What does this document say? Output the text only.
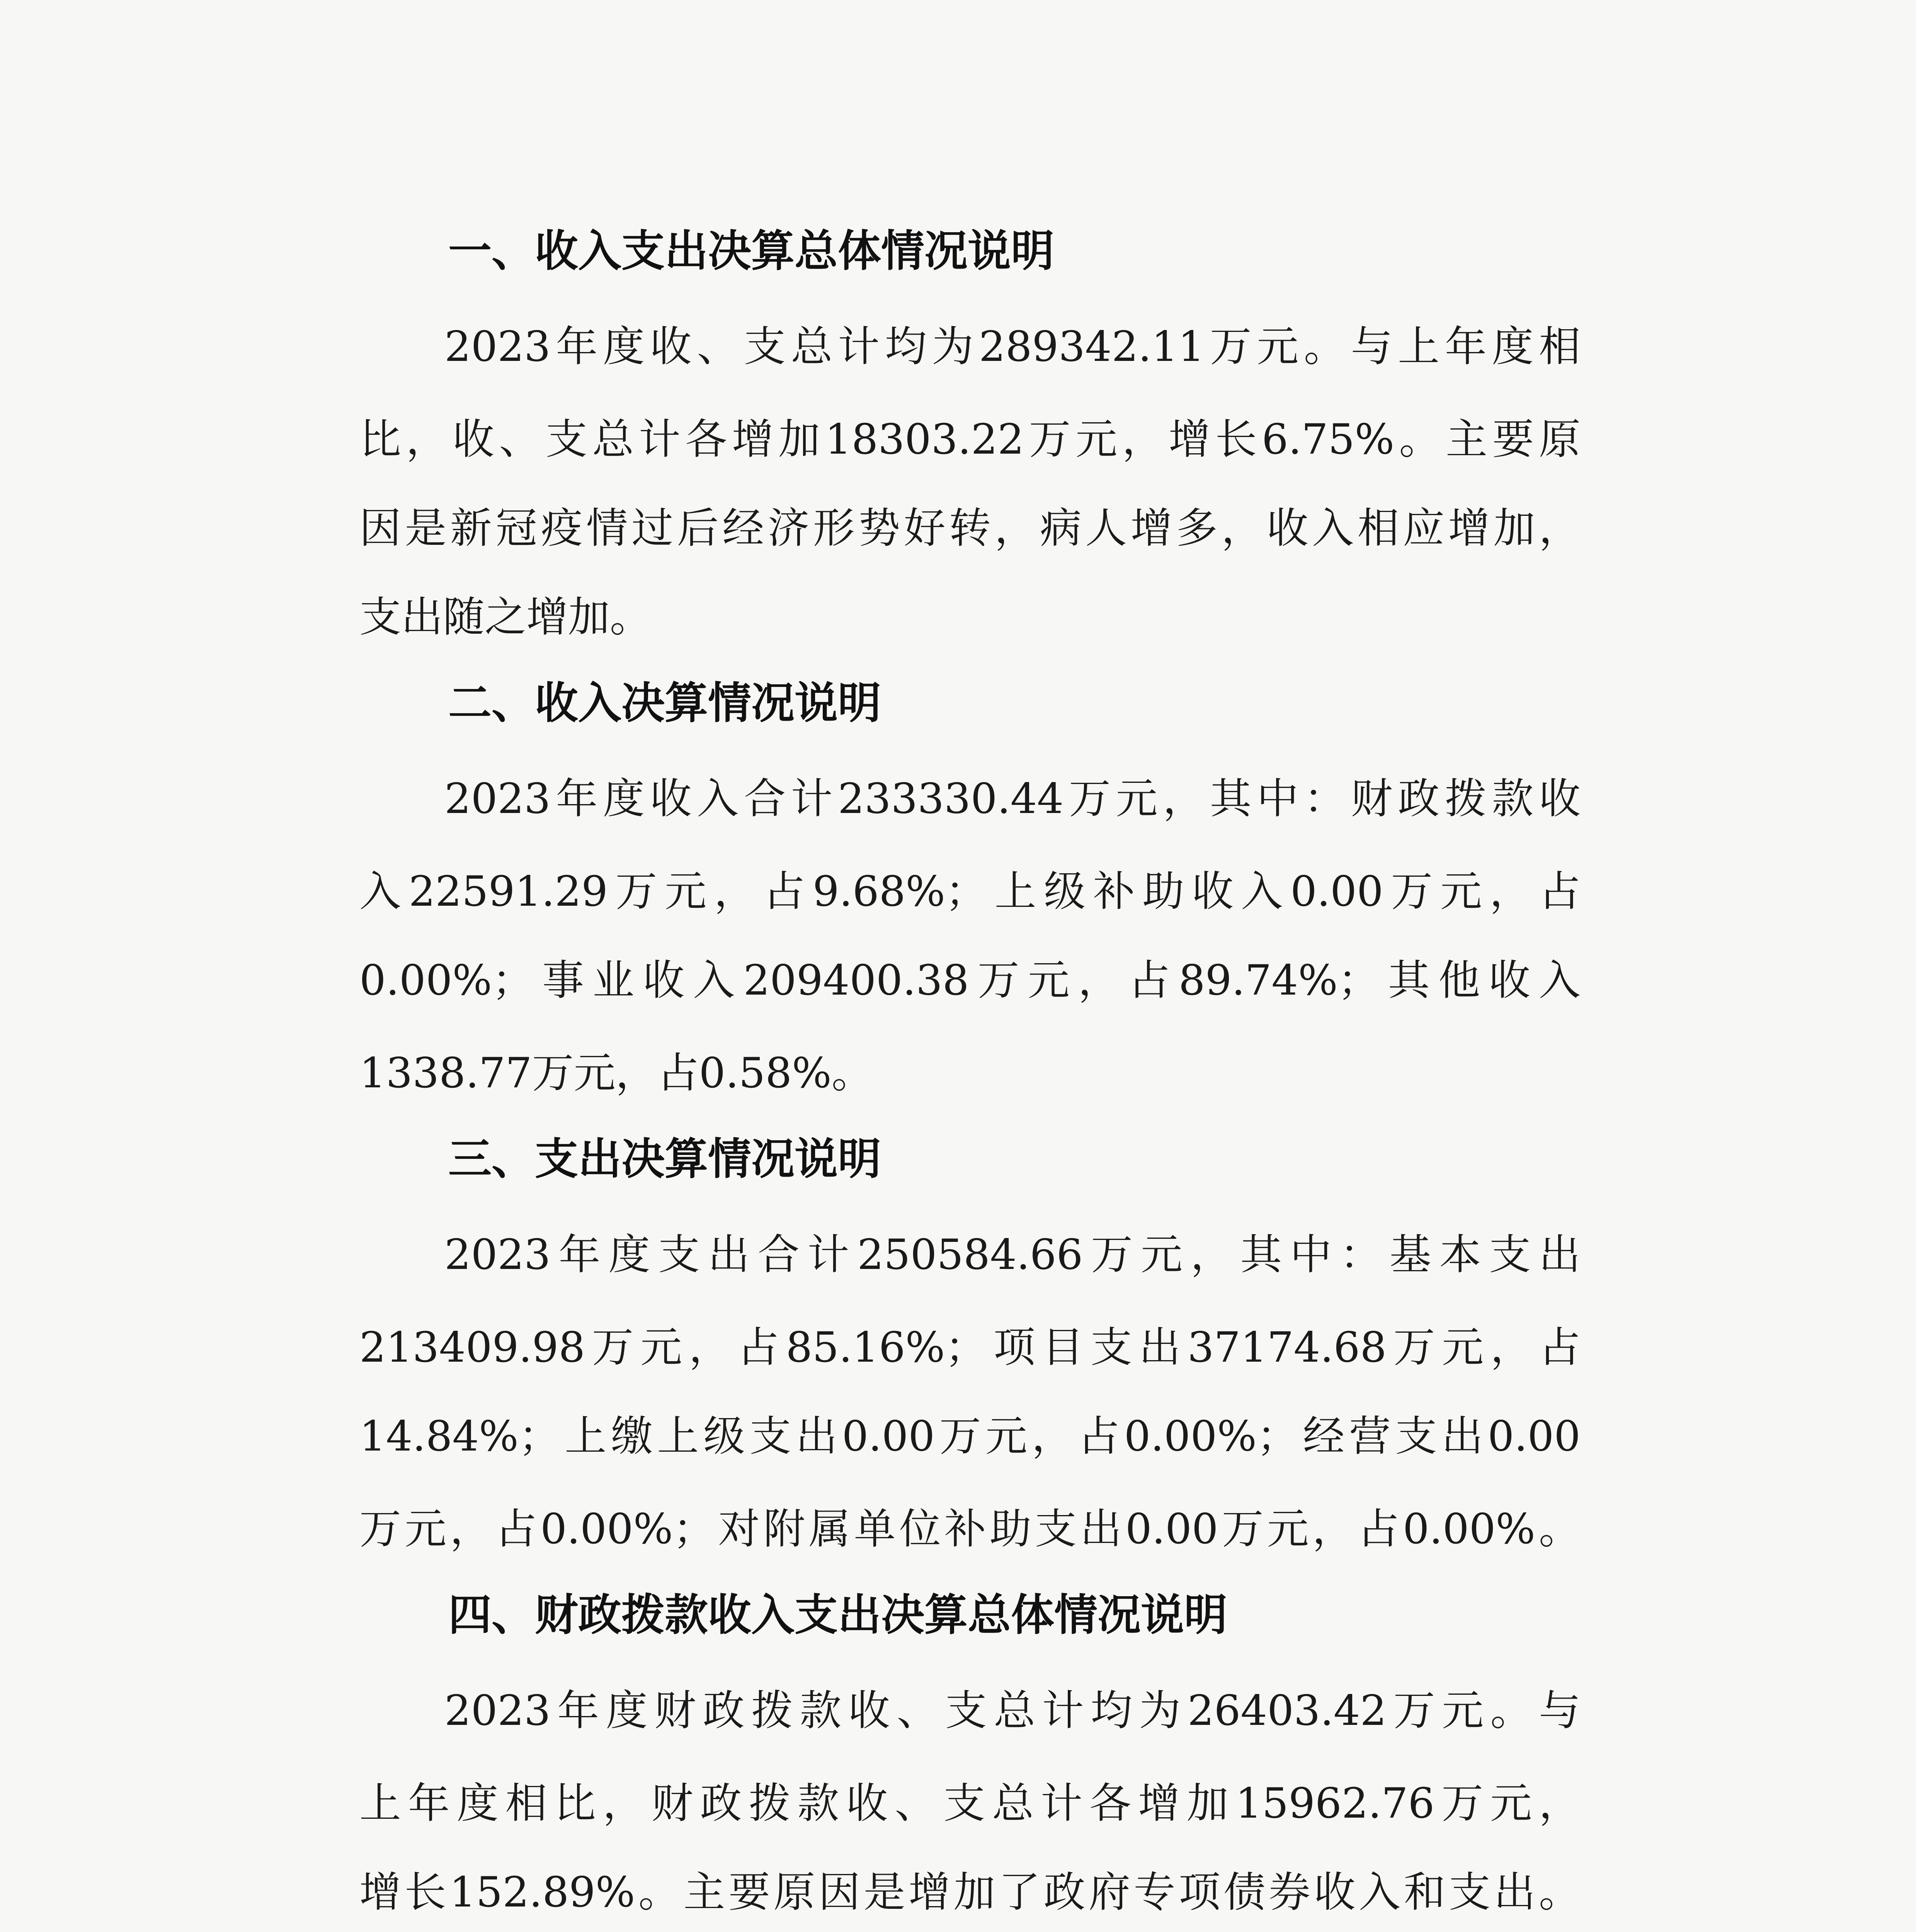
一、收入支出决算总体情况说明

2023年度收、支总计均为289342.11万元。与上年度相

比，收、支总计各增加18303.22万元，增长6.75%。主要原

因是新冠疫情过后经济形势好转，病人增多，收入相应增加，

支出随之增加。

二、收入决算情况说明

2023年度收入合计233330.44万元，其中：财政拨款收

入22591.29万元，占9.68%；上级补助收入0.00万元，占

0.00%；事业收入209400.38万元，占89.74%；其他收入

1338.77万元，占0.58%。

三、支出决算情况说明

2023年度支出合计250584.66万元，其中：基本支出

213409.98万元，占85.16%；项目支出37174.68万元，占

14.84%；上缴上级支出0.00万元，占0.00%；经营支出0.00

万元，占0.00%；对附属单位补助支出0.00万元，占0.00%。

四、财政拨款收入支出决算总体情况说明

2023年度财政拨款收、支总计均为26403.42万元。与

上年度相比，财政拨款收、支总计各增加15962.76万元，

增长152.89%。主要原因是增加了政府专项债券收入和支出。
